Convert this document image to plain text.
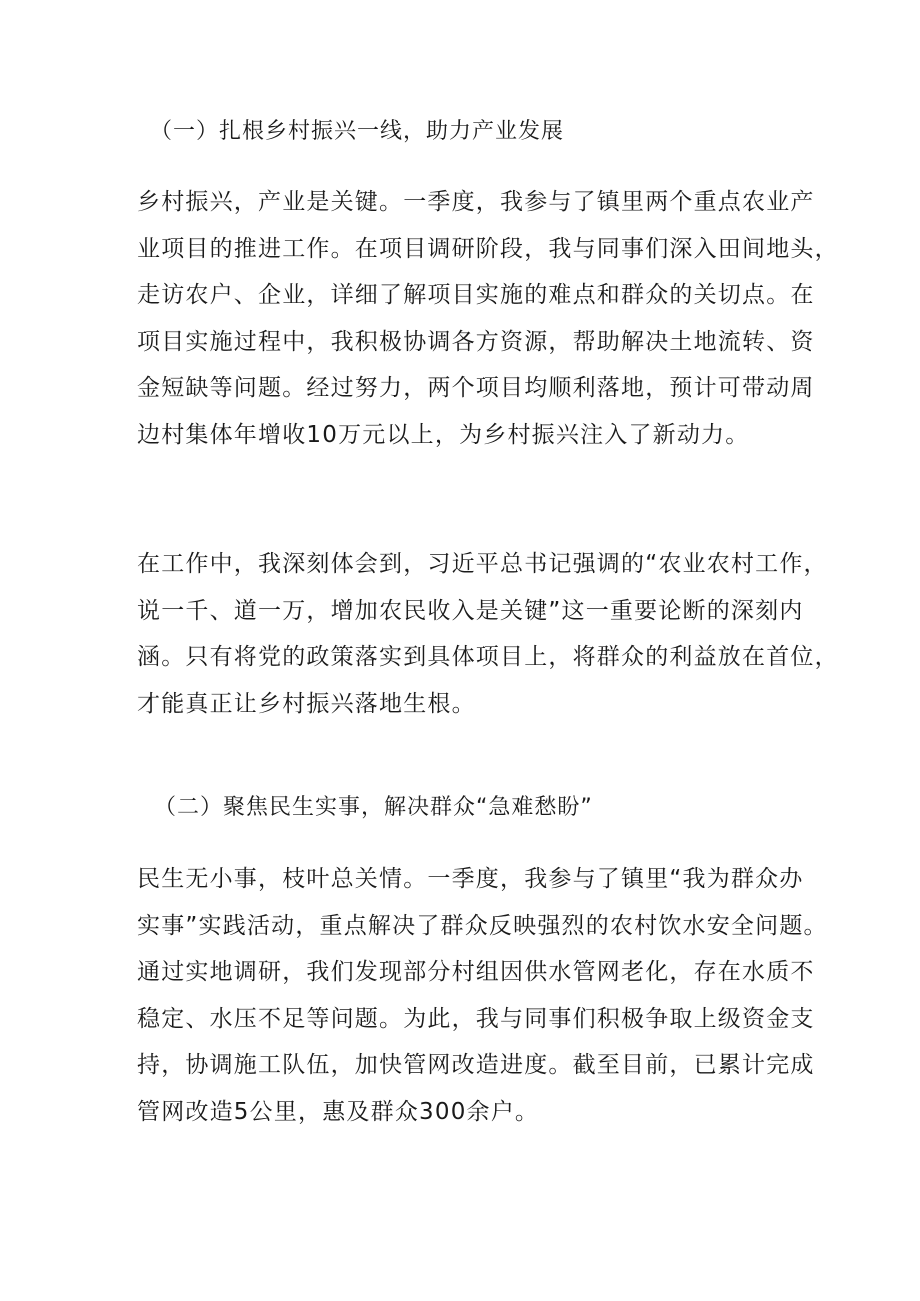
（一）扎根乡村振兴一线，助力产业发展
乡村振兴，产业是关键。一季度，我参与了镇里两个重点农业产
业项目的推进工作。在项目调研阶段，我与同事们深入田间地头，
走访农户、企业，详细了解项目实施的难点和群众的关切点。在
项目实施过程中，我积极协调各方资源，帮助解决土地流转、资
金短缺等问题。经过努力，两个项目均顺利落地，预计可带动周
边村集体年增收10万元以上，为乡村振兴注入了新动力。
在工作中，我深刻体会到，习近平总书记强调的“农业农村工作，
说一千、道一万，增加农民收入是关键”这一重要论断的深刻内
涵。只有将党的政策落实到具体项目上，将群众的利益放在首位，
才能真正让乡村振兴落地生根。
（二）聚焦民生实事，解决群众“急难愁盼”
民生无小事，枝叶总关情。一季度，我参与了镇里“我为群众办
实事”实践活动，重点解决了群众反映强烈的农村饮水安全问题。
通过实地调研，我们发现部分村组因供水管网老化，存在水质不
稳定、水压不足等问题。为此，我与同事们积极争取上级资金支
持，协调施工队伍，加快管网改造进度。截至目前，已累计完成
管网改造5公里，惠及群众300余户。
